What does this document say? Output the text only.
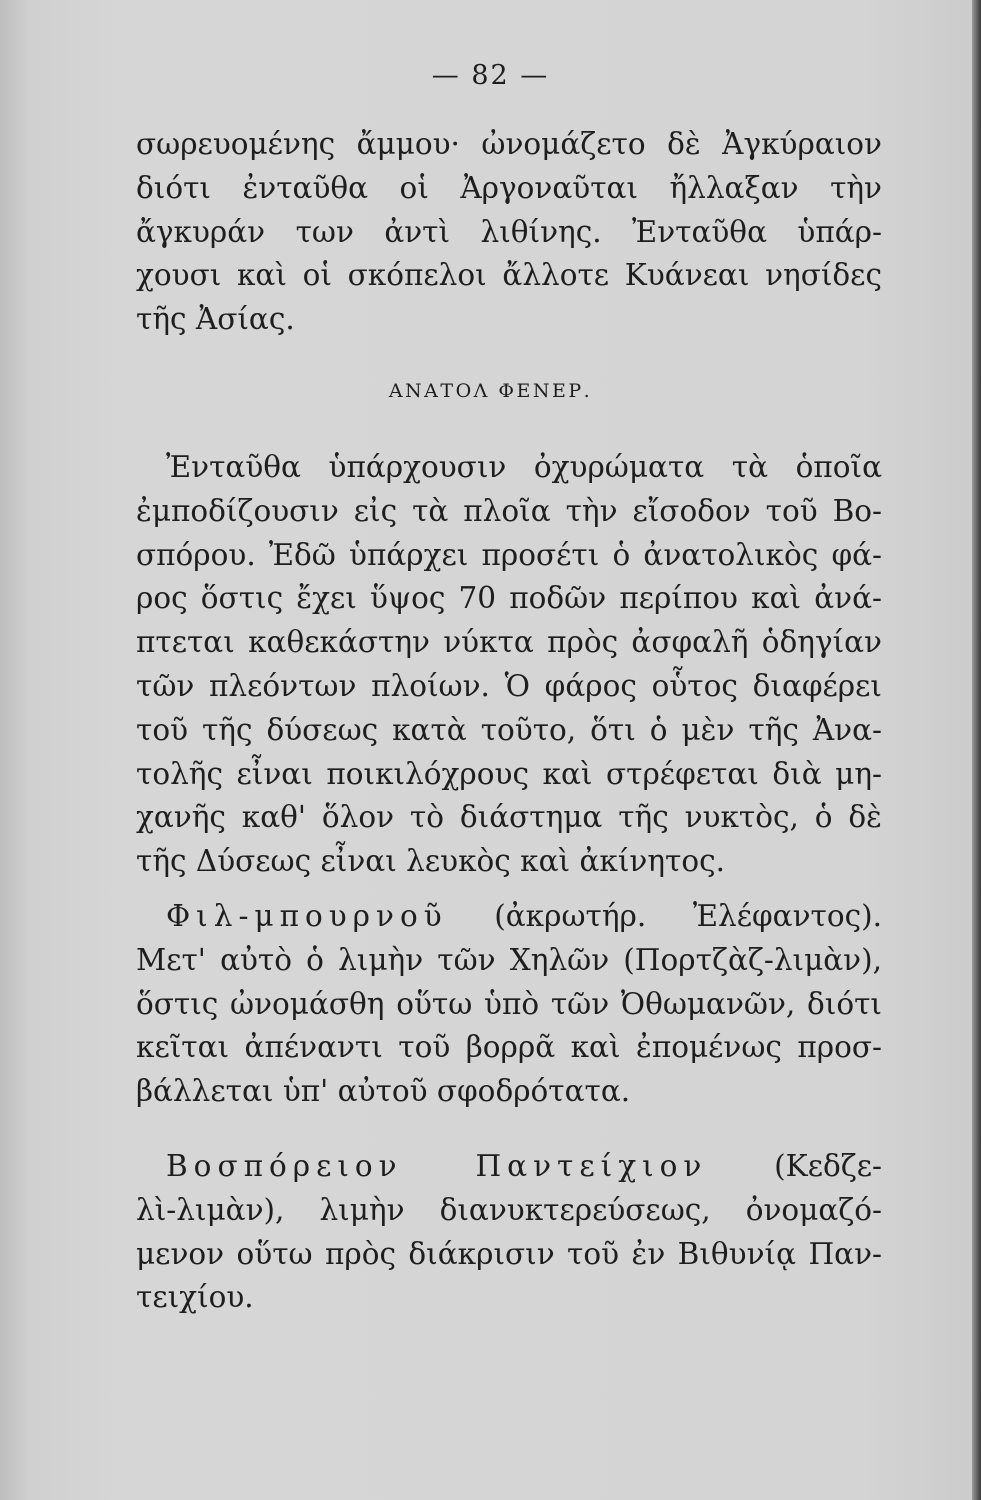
— 82 —
σωρευομένης ἄμμου· ὠνομάζετο δὲ Ἀγκύραιον
διότι ἐνταῦθα οἱ Ἀργοναῦται ἤλλαξαν τὴν
ἄγκυράν των ἀντὶ λιθίνης. Ἐνταῦθα ὑπάρ-
χουσι καὶ οἱ σκόπελοι ἄλλοτε Κυάνεαι νησίδες
τῆς Ἀσίας.
ΑΝΑΤΟΛ ΦΕΝΕΡ.
Ἐνταῦθα ὑπάρχουσιν ὀχυρώματα τὰ ὁποῖα
ἐμποδίζουσιν εἰς τὰ πλοῖα τὴν εἴσοδον τοῦ Βο-
σπόρου. Ἐδῶ ὑπάρχει προσέτι ὁ ἀνατολικὸς φά-
ρος ὅστις ἔχει ὕψος 70 ποδῶν περίπου καὶ ἀνά-
πτεται καθεκάστην νύκτα πρὸς ἀσφαλῆ ὁδηγίαν
τῶν πλεόντων πλοίων. Ὁ φάρος οὗτος διαφέρει
τοῦ τῆς δύσεως κατὰ τοῦτο, ὅτι ὁ μὲν τῆς Ἀνα-
τολῆς εἶναι ποικιλόχρους καὶ στρέφεται διὰ μη-
χανῆς καθ' ὅλον τὸ διάστημα τῆς νυκτὸς, ὁ δὲ
τῆς Δύσεως εἶναι λευκὸς καὶ ἀκίνητος.
Φιλ-μπουρνοῦ (ἀκρωτήρ. Ἐλέφαντος).
Μετ' αὐτὸ ὁ λιμὴν τῶν Χηλῶν (Πορτζὰζ-λιμὰν),
ὅστις ὠνομάσθη οὕτω ὑπὸ τῶν Ὀθωμανῶν, διότι
κεῖται ἀπέναντι τοῦ βορρᾶ καὶ ἐπομένως προσ-
βάλλεται ὑπ' αὐτοῦ σφοδρότατα.
Βοσπόρειον Παντείχιον (Κεδζε-
λὶ-λιμὰν), λιμὴν διανυκτερεύσεως, ὀνομαζό-
μενον οὕτω πρὸς διάκρισιν τοῦ ἐν Βιθυνίᾳ Παν-
τειχίου.
